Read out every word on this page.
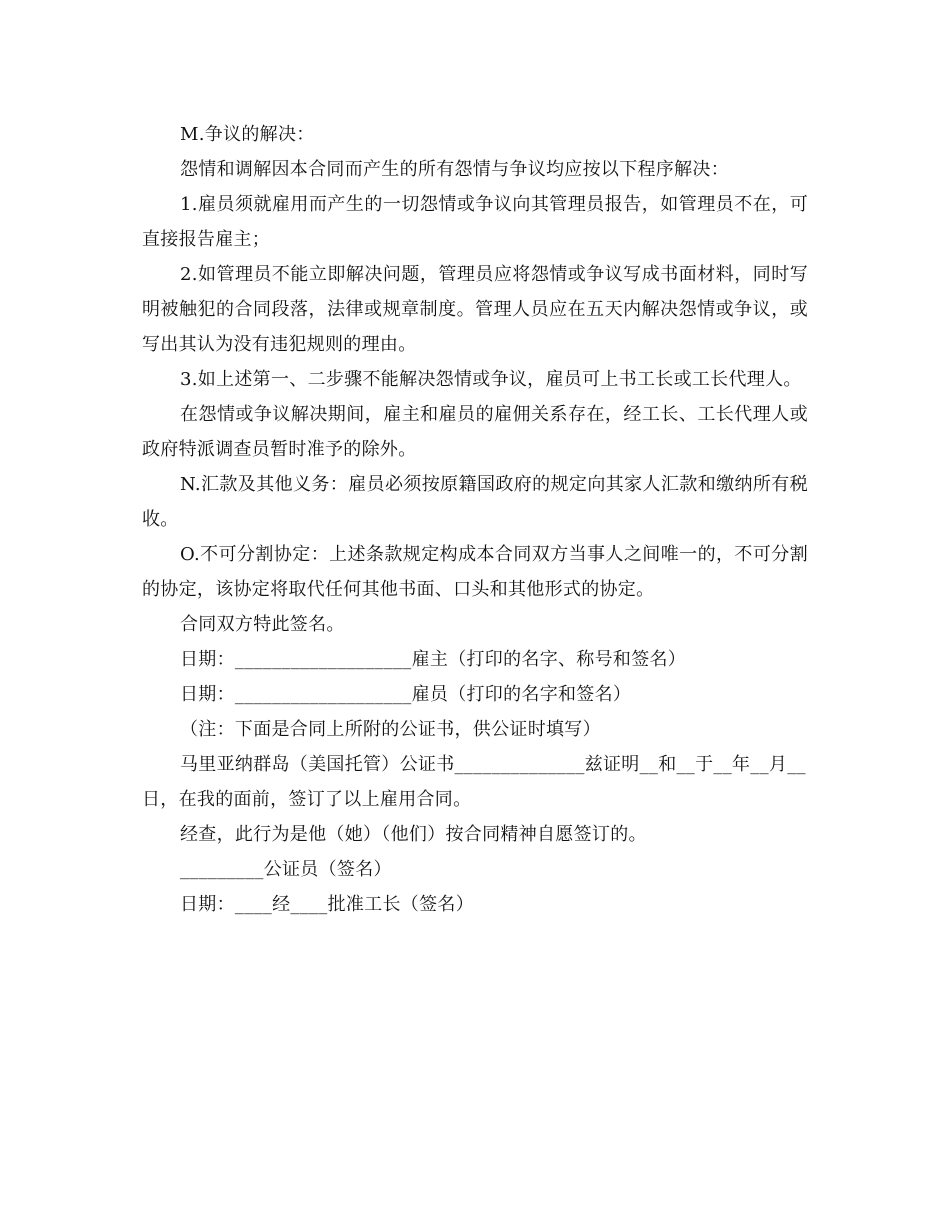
M.争议的解决：

怨情和调解因本合同而产生的所有怨情与争议均应按以下程序解决：

1.雇员须就雇用而产生的一切怨情或争议向其管理员报告，如管理员不在，可直接报告雇主；

2.如管理员不能立即解决问题，管理员应将怨情或争议写成书面材料，同时写明被触犯的合同段落，法律或规章制度。管理人员应在五天内解决怨情或争议，或写出其认为没有违犯规则的理由。

3.如上述第一、二步骤不能解决怨情或争议，雇员可上书工长或工长代理人。

在怨情或争议解决期间，雇主和雇员的雇佣关系存在，经工长、工长代理人或政府特派调查员暂时准予的除外。

N.汇款及其他义务：雇员必须按原籍国政府的规定向其家人汇款和缴纳所有税收。

O.不可分割协定：上述条款规定构成本合同双方当事人之间唯一的，不可分割的协定，该协定将取代任何其他书面、口头和其他形式的协定。

合同双方特此签名。

日期：___________________雇主（打印的名字、称号和签名）

日期：___________________雇员（打印的名字和签名）

（注：下面是合同上所附的公证书，供公证时填写）

马里亚纳群岛（美国托管）公证书______________兹证明__和__于__年__月__日，在我的面前，签订了以上雇用合同。

经查，此行为是他（她）（他们）按合同精神自愿签订的。

_________公证员（签名）

日期：____经____批准工长（签名）
